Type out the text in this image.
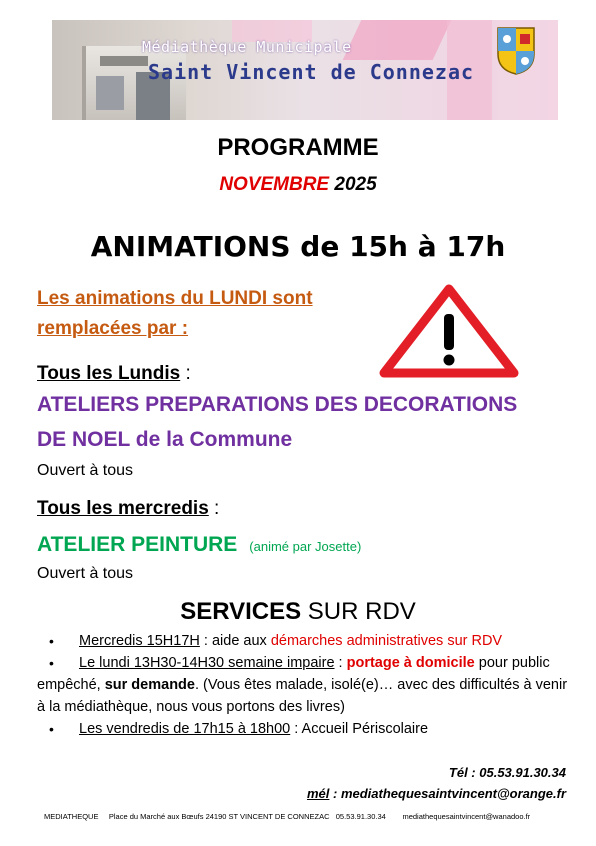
Médiathèque Municipale
Saint Vincent de Connezac
PROGRAMME
NOVEMBRE 2025
ANIMATIONS de 15h à 17h
Les animations du LUNDI sont
remplacées par :
Tous les Lundis :
ATELIERS PREPARATIONS DES DECORATIONS
DE NOEL de la Commune
Ouvert à tous
Tous les mercredis :
ATELIER PEINTURE (animé par Josette)
Ouvert à tous
SERVICES SUR RDV
• Mercredis 15H17H : aide aux démarches administratives sur RDV
• Le lundi 13H30-14H30 semaine impaire : portage à domicile pour public empêché, sur demande. (Vous êtes malade, isolé(e)… avec des difficultés à venir à la médiathèque, nous vous portons des livres)
• Les vendredis de 17h15 à 18h00 : Accueil Périscolaire
Tél : 05.53.91.30.34
mél : mediathequesaintvincent@orange.fr
MEDIATHEQUE     Place du Marché aux Bœufs 24190 ST VINCENT DE CONNEZAC   05.53.91.30.34        mediathequesaintvincent@wanadoo.fr
